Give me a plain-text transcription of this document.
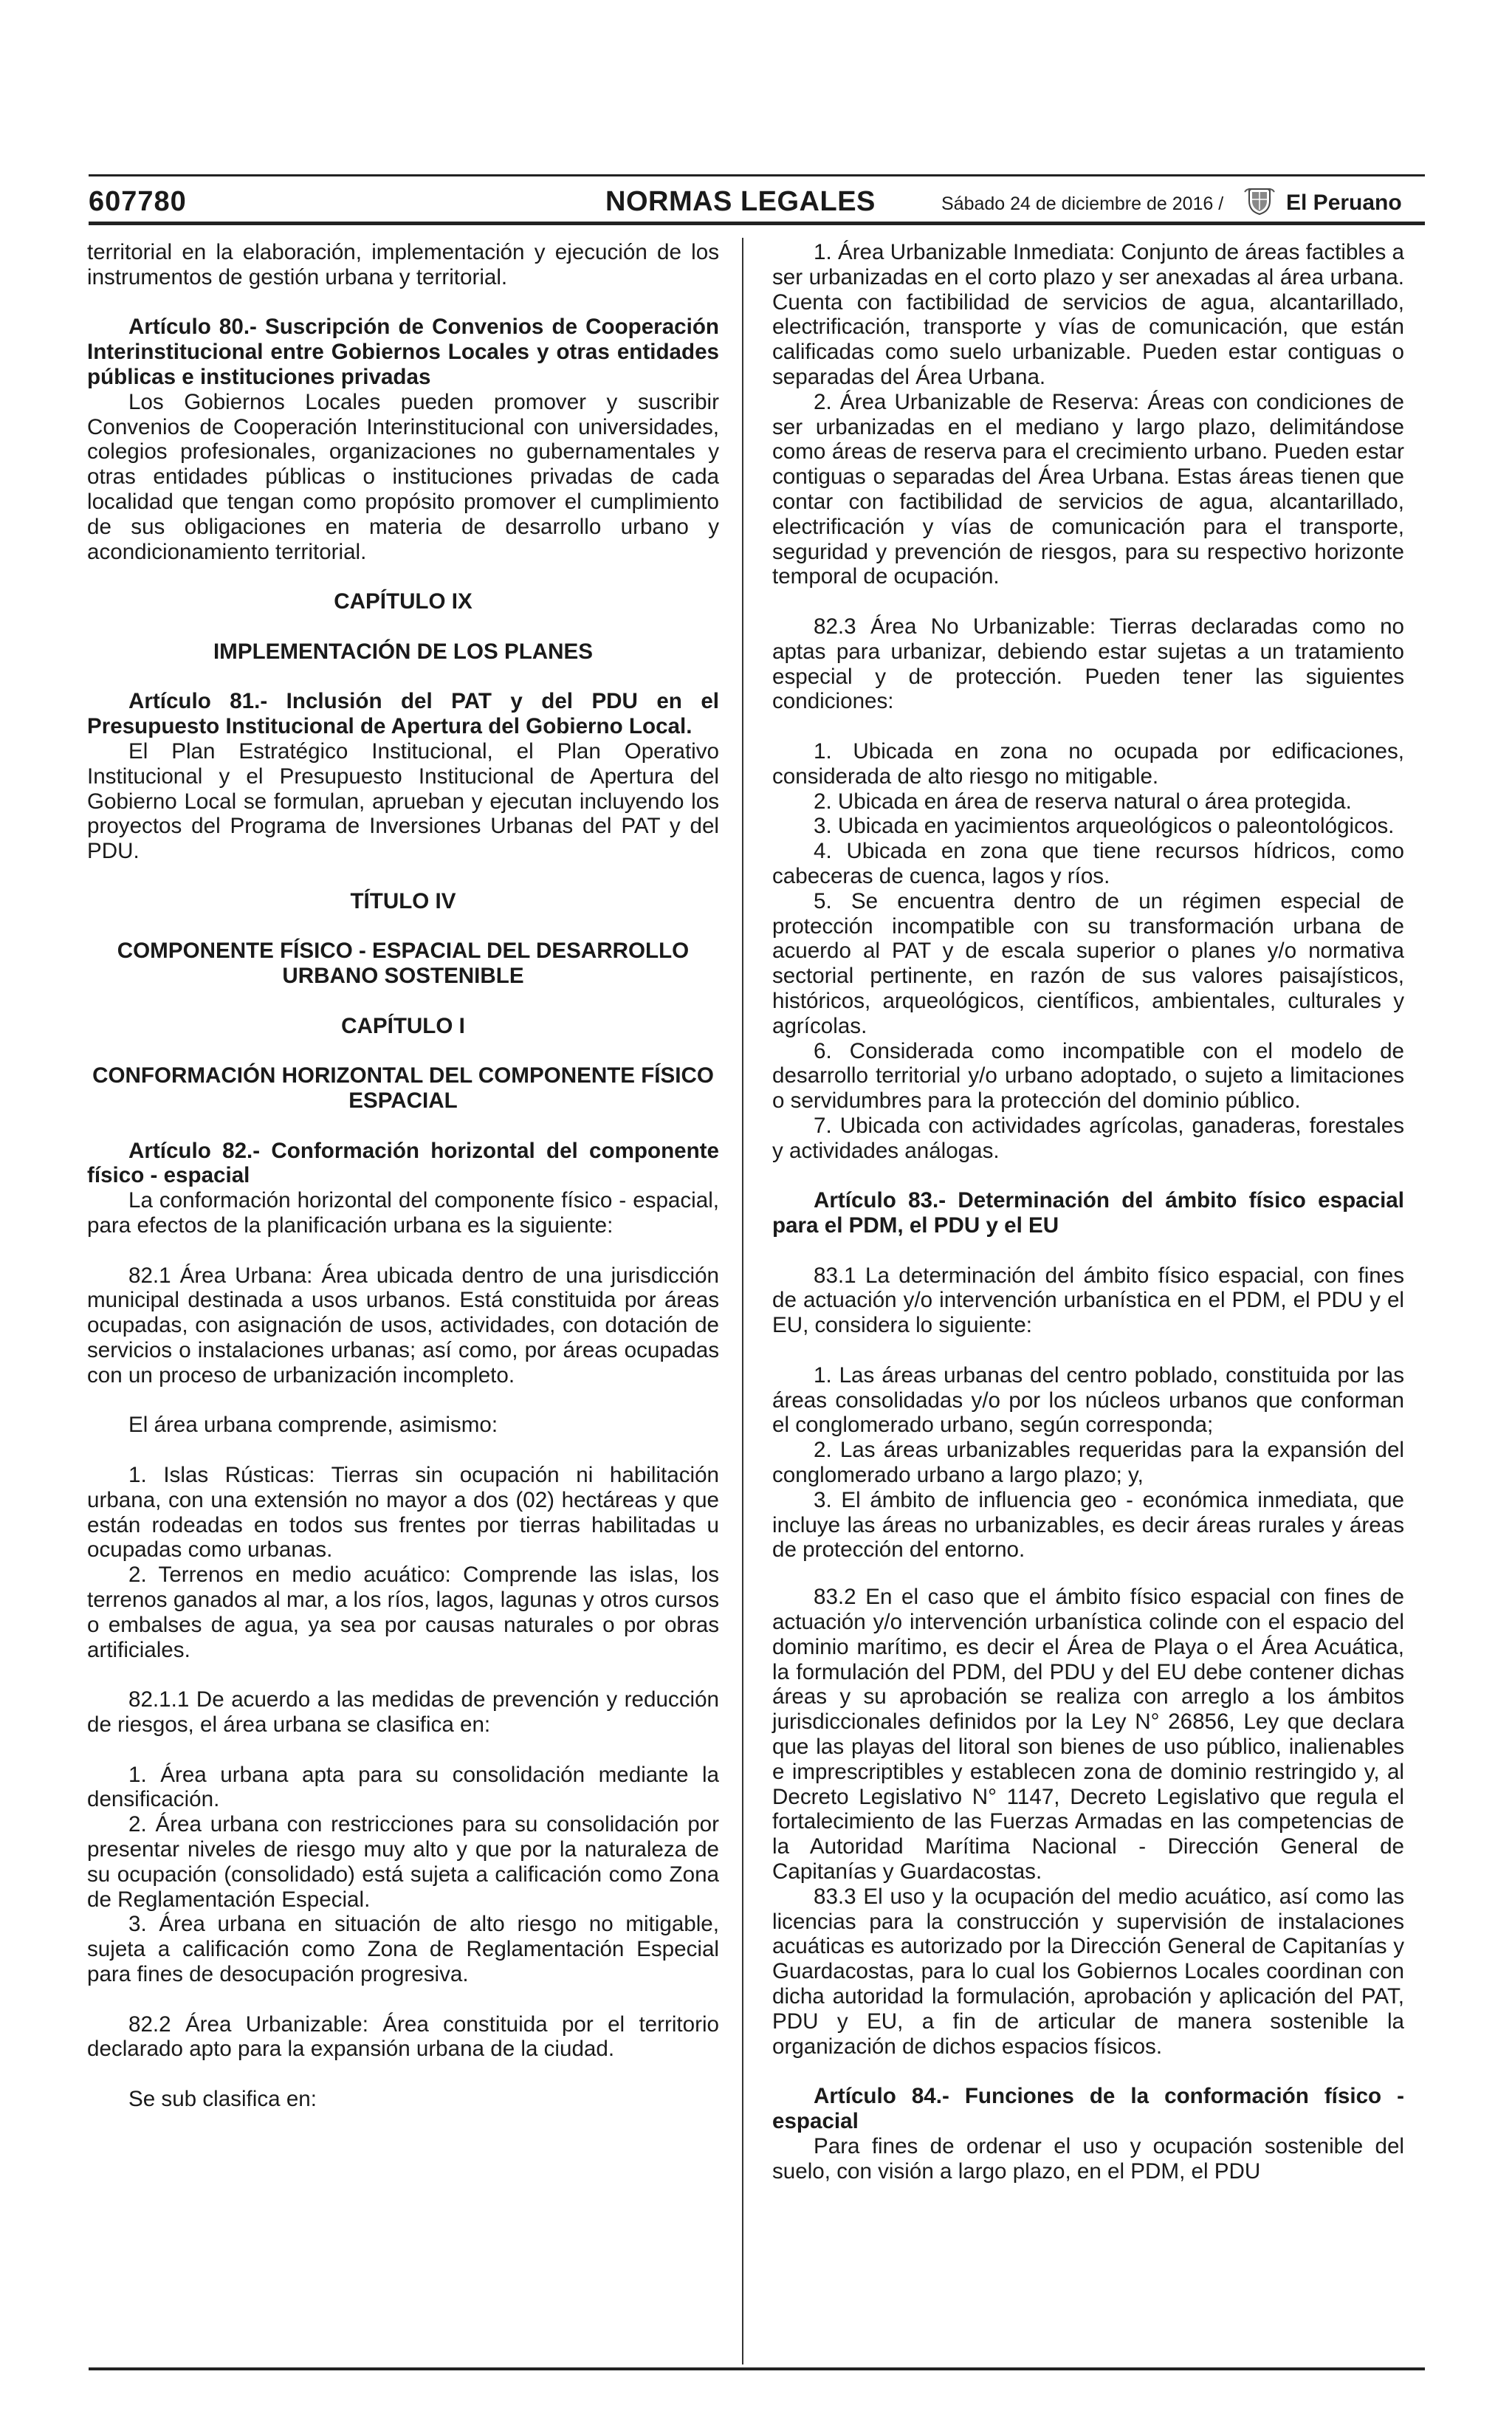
607780	NORMAS LEGALES	Sábado 24 de diciembre de 2016 /	El Peruano

territorial en la elaboración, implementación y ejecución de los instrumentos de gestión urbana y territorial.

Artículo 80.- Suscripción de Convenios de Cooperación Interinstitucional entre Gobiernos Locales y otras entidades públicas e instituciones privadas

Los Gobiernos Locales pueden promover y suscribir Convenios de Cooperación Interinstitucional con universidades, colegios profesionales, organizaciones no gubernamentales y otras entidades públicas o instituciones privadas de cada localidad que tengan como propósito promover el cumplimiento de sus obligaciones en materia de desarrollo urbano y acondicionamiento territorial.

CAPÍTULO IX

IMPLEMENTACIÓN DE LOS PLANES

Artículo 81.- Inclusión del PAT y del PDU en el Presupuesto Institucional de Apertura del Gobierno Local.

El Plan Estratégico Institucional, el Plan Operativo Institucional y el Presupuesto Institucional de Apertura del Gobierno Local se formulan, aprueban y ejecutan incluyendo los proyectos del Programa de Inversiones Urbanas del PAT y del PDU.

TÍTULO IV

COMPONENTE FÍSICO - ESPACIAL DEL DESARROLLO URBANO SOSTENIBLE

CAPÍTULO I

CONFORMACIÓN HORIZONTAL DEL COMPONENTE FÍSICO ESPACIAL

Artículo 82.- Conformación horizontal del componente físico - espacial

La conformación horizontal del componente físico - espacial, para efectos de la planificación urbana es la siguiente:

82.1 Área Urbana: Área ubicada dentro de una jurisdicción municipal destinada a usos urbanos. Está constituida por áreas ocupadas, con asignación de usos, actividades, con dotación de servicios o instalaciones urbanas; así como, por áreas ocupadas con un proceso de urbanización incompleto.

El área urbana comprende, asimismo:

1. Islas Rústicas: Tierras sin ocupación ni habilitación urbana, con una extensión no mayor a dos (02) hectáreas y que están rodeadas en todos sus frentes por tierras habilitadas u ocupadas como urbanas.

2. Terrenos en medio acuático: Comprende las islas, los terrenos ganados al mar, a los ríos, lagos, lagunas y otros cursos o embalses de agua, ya sea por causas naturales o por obras artificiales.

82.1.1 De acuerdo a las medidas de prevención y reducción de riesgos, el área urbana se clasifica en:

1. Área urbana apta para su consolidación mediante la densificación.

2. Área urbana con restricciones para su consolidación por presentar niveles de riesgo muy alto y que por la naturaleza de su ocupación (consolidado) está sujeta a calificación como Zona de Reglamentación Especial.

3. Área urbana en situación de alto riesgo no mitigable, sujeta a calificación como Zona de Reglamentación Especial para fines de desocupación progresiva.

82.2 Área Urbanizable: Área constituida por el territorio declarado apto para la expansión urbana de la ciudad.

Se sub clasifica en:

1. Área Urbanizable Inmediata: Conjunto de áreas factibles a ser urbanizadas en el corto plazo y ser anexadas al área urbana. Cuenta con factibilidad de servicios de agua, alcantarillado, electrificación, transporte y vías de comunicación, que están calificadas como suelo urbanizable. Pueden estar contiguas o separadas del Área Urbana.

2. Área Urbanizable de Reserva: Áreas con condiciones de ser urbanizadas en el mediano y largo plazo, delimitándose como áreas de reserva para el crecimiento urbano. Pueden estar contiguas o separadas del Área Urbana. Estas áreas tienen que contar con factibilidad de servicios de agua, alcantarillado, electrificación y vías de comunicación para el transporte, seguridad y prevención de riesgos, para su respectivo horizonte temporal de ocupación.

82.3 Área No Urbanizable: Tierras declaradas como no aptas para urbanizar, debiendo estar sujetas a un tratamiento especial y de protección. Pueden tener las siguientes condiciones:

1. Ubicada en zona no ocupada por edificaciones, considerada de alto riesgo no mitigable.

2. Ubicada en área de reserva natural o área protegida.

3. Ubicada en yacimientos arqueológicos o paleontológicos.

4. Ubicada en zona que tiene recursos hídricos, como cabeceras de cuenca, lagos y ríos.

5. Se encuentra dentro de un régimen especial de protección incompatible con su transformación urbana de acuerdo al PAT y de escala superior o planes y/o normativa sectorial pertinente, en razón de sus valores paisajísticos, históricos, arqueológicos, científicos, ambientales, culturales y agrícolas.

6. Considerada como incompatible con el modelo de desarrollo territorial y/o urbano adoptado, o sujeto a limitaciones o servidumbres para la protección del dominio público.

7. Ubicada con actividades agrícolas, ganaderas, forestales y actividades análogas.

Artículo 83.- Determinación del ámbito físico espacial para el PDM, el PDU y el EU

83.1 La determinación del ámbito físico espacial, con fines de actuación y/o intervención urbanística en el PDM, el PDU y el EU, considera lo siguiente:

1. Las áreas urbanas del centro poblado, constituida por las áreas consolidadas y/o por los núcleos urbanos que conforman el conglomerado urbano, según corresponda;

2. Las áreas urbanizables requeridas para la expansión del conglomerado urbano a largo plazo; y,

3. El ámbito de influencia geo - económica inmediata, que incluye las áreas no urbanizables, es decir áreas rurales y áreas de protección del entorno.

83.2 En el caso que el ámbito físico espacial con fines de actuación y/o intervención urbanística colinde con el espacio del dominio marítimo, es decir el Área de Playa o el Área Acuática, la formulación del PDM, del PDU y del EU debe contener dichas áreas y su aprobación se realiza con arreglo a los ámbitos jurisdiccionales definidos por la Ley N° 26856, Ley que declara que las playas del litoral son bienes de uso público, inalienables e imprescriptibles y establecen zona de dominio restringido y, al Decreto Legislativo N° 1147, Decreto Legislativo que regula el fortalecimiento de las Fuerzas Armadas en las competencias de la Autoridad Marítima Nacional - Dirección General de Capitanías y Guardacostas.

83.3 El uso y la ocupación del medio acuático, así como las licencias para la construcción y supervisión de instalaciones acuáticas es autorizado por la Dirección General de Capitanías y Guardacostas, para lo cual los Gobiernos Locales coordinan con dicha autoridad la formulación, aprobación y aplicación del PAT, PDU y EU, a fin de articular de manera sostenible la organización de dichos espacios físicos.

Artículo 84.- Funciones de la conformación físico - espacial

Para fines de ordenar el uso y ocupación sostenible del suelo, con visión a largo plazo, en el PDM, el PDU
